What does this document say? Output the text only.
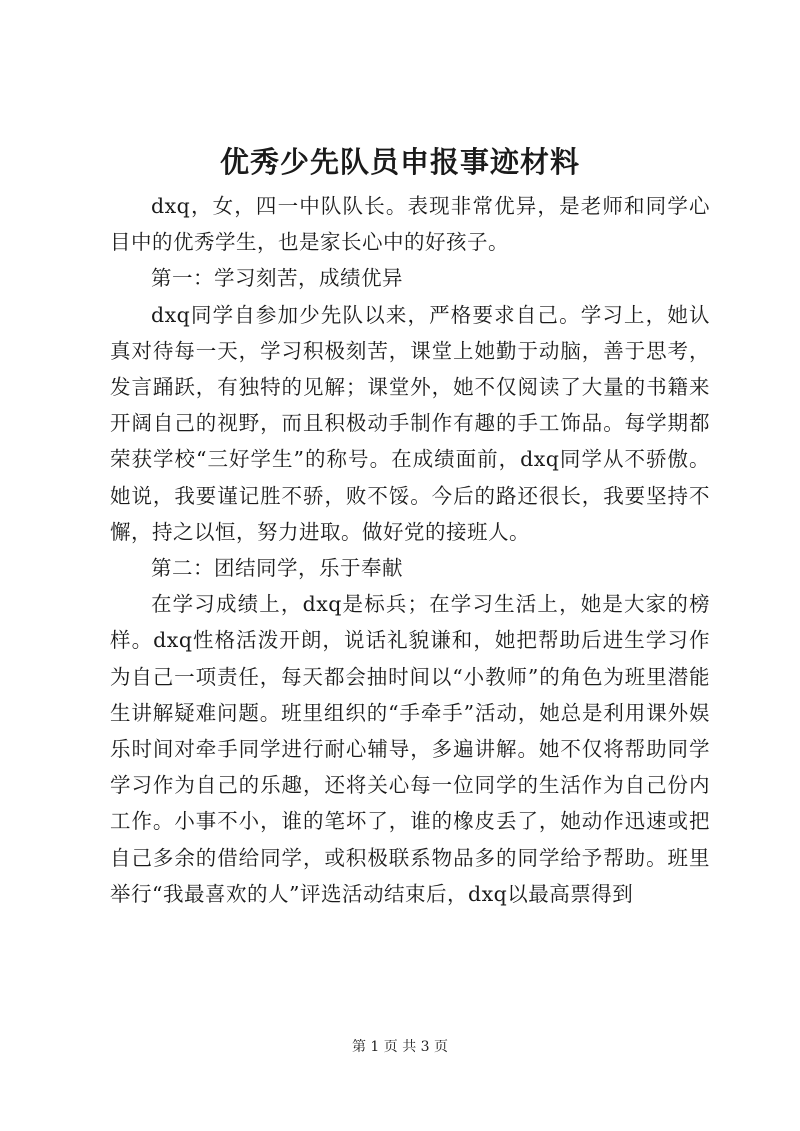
优秀少先队员申报事迹材料

dxq，女，四一中队队长。表现非常优异，是老师和同学心目中的优秀学生，也是家长心中的好孩子。

第一：学习刻苦，成绩优异

dxq同学自参加少先队以来，严格要求自己。学习上，她认真对待每一天，学习积极刻苦，课堂上她勤于动脑，善于思考，发言踊跃，有独特的见解；课堂外，她不仅阅读了大量的书籍来开阔自己的视野，而且积极动手制作有趣的手工饰品。每学期都荣获学校“三好学生”的称号。在成绩面前，dxq同学从不骄傲。她说，我要谨记胜不骄，败不馁。今后的路还很长，我要坚持不懈，持之以恒，努力进取。做好党的接班人。

第二：团结同学，乐于奉献

在学习成绩上，dxq是标兵；在学习生活上，她是大家的榜样。dxq性格活泼开朗，说话礼貌谦和，她把帮助后进生学习作为自己一项责任，每天都会抽时间以“小教师”的角色为班里潜能生讲解疑难问题。班里组织的“手牵手”活动，她总是利用课外娱乐时间对牵手同学进行耐心辅导，多遍讲解。她不仅将帮助同学学习作为自己的乐趣，还将关心每一位同学的生活作为自己份内工作。小事不小，谁的笔坏了，谁的橡皮丢了，她动作迅速或把自己多余的借给同学，或积极联系物品多的同学给予帮助。班里举行“我最喜欢的人”评选活动结束后，dxq以最高票得到

第 1 页 共 3 页
